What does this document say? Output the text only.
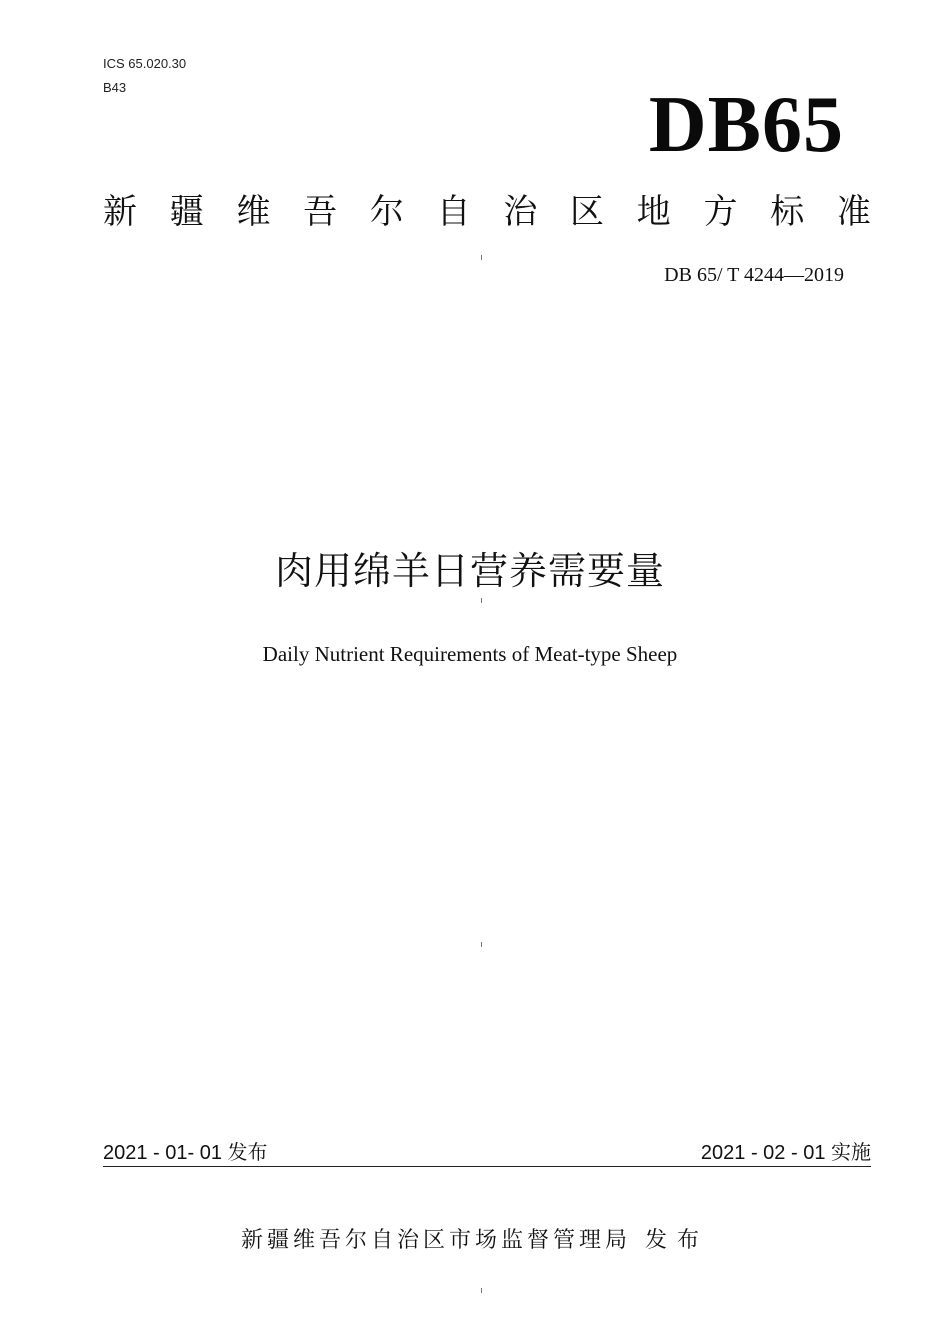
ICS 65.020.30
B43	DB65
新 疆 维 吾 尔 自 治 区 地 方 标 准
DB 65/ T 4244—2019
肉用绵羊日营养需要量
Daily Nutrient Requirements of Meat-type Sheep
2021 - 01- 01 发布	2021 - 02 - 01 实施
新疆维吾尔自治区市场监督管理局 发布
